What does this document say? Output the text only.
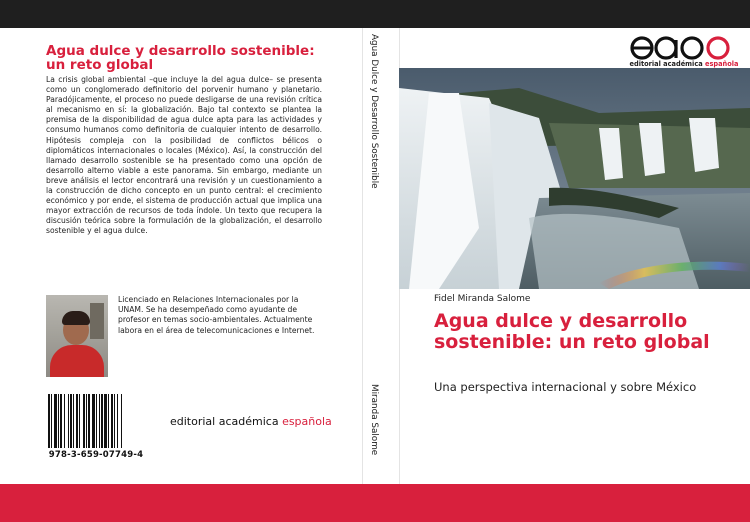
Agua dulce y desarrollo sostenible: un reto global

La crisis global ambiental –que incluye la del agua dulce– se presenta como un conglomerado definitorio del porvenir humano y planetario. Paradójicamente, el proceso no puede desligarse de una revisión crítica al mecanismo en sí: la globalización. Bajo tal contexto se plantea la premisa de la disponibilidad de agua dulce apta para las actividades y consumo humanos como definitoria de cualquier intento de desarrollo. Hipótesis compleja con la posibilidad de conflictos bélicos o diplomáticos internacionales o locales (México). Así, la construcción del llamado desarrollo sostenible se ha presentado como una opción de desarrollo alterno viable a este panorama. Sin embargo, mediante un breve análisis el lector encontrará una revisión y un cuestionamiento a la construcción de dicho concepto en un punto central: el crecimiento económico y por ende, el sistema de producción actual que implica una mayor extracción de recursos de toda índole. Un texto que recupera la discusión teórica sobre la formulación de la globalización, el desarrollo sostenible y el agua dulce.

Licenciado en Relaciones Internacionales por la UNAM. Se ha desempeñado como ayudante de profesor en temas socio-ambientales. Actualmente labora en el área de telecomunicaciones e Internet.

978-3-659-07749-4
editorial académica española
Agua Dulce y Desarrollo Sostenible
Miranda Salome
editorial académica española
Fidel Miranda Salome
Agua dulce y desarrollo sostenible: un reto global

Una perspectiva internacional y sobre México
